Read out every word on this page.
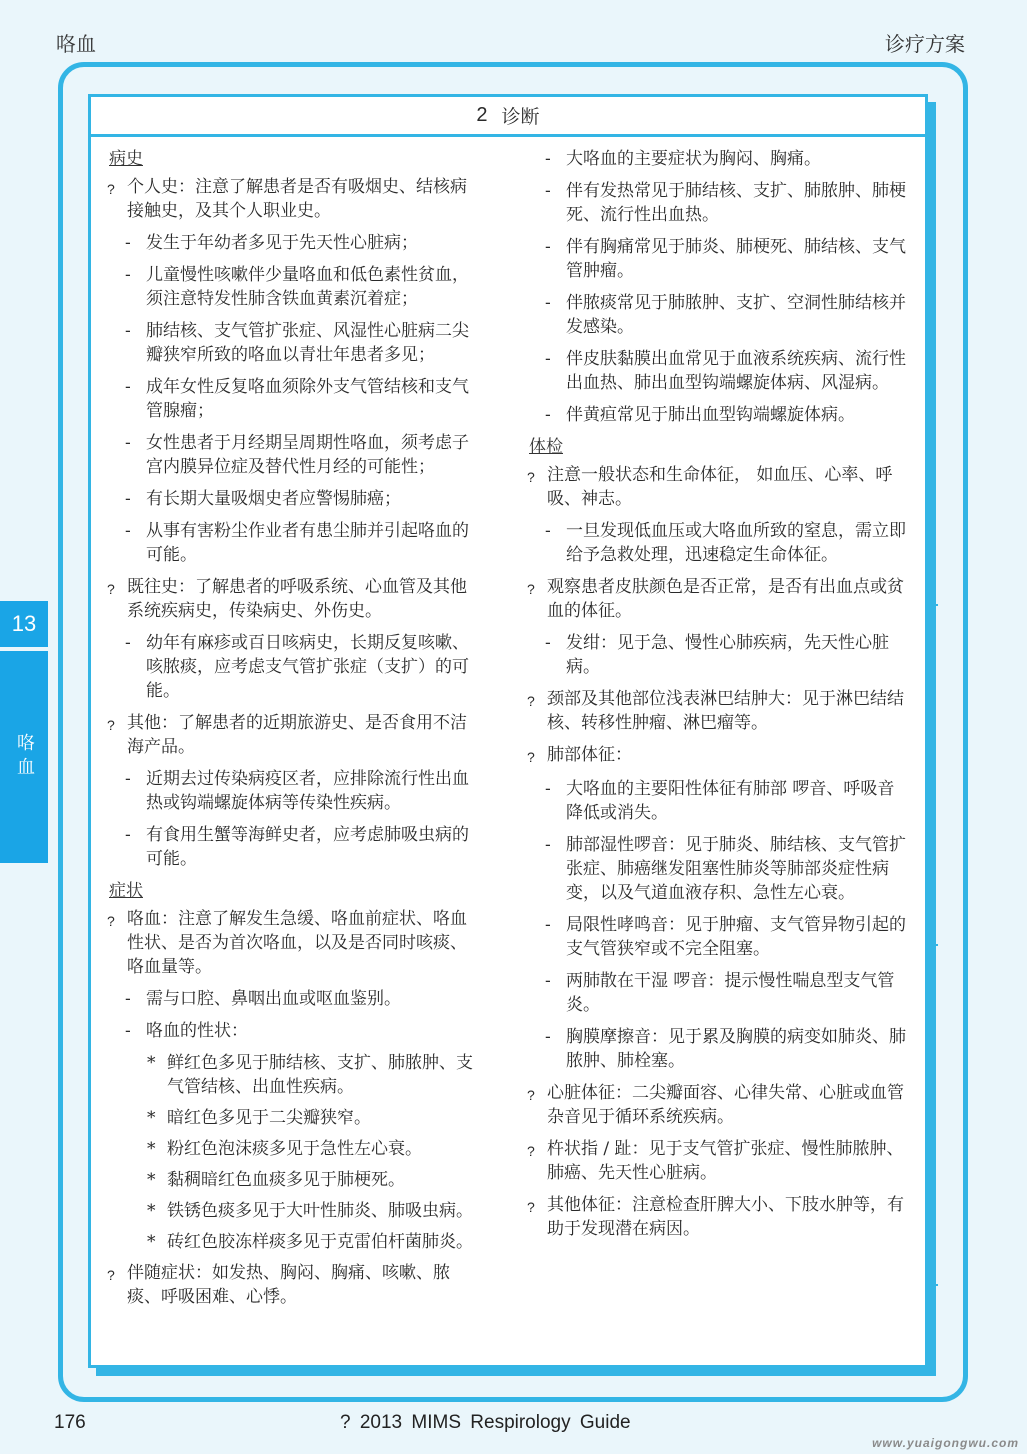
咯血	诊疗方案
2 诊断
病史
? 个人史：注意了解患者是否有吸烟史、结核病接触史，及其个人职业史。
- 发生于年幼者多见于先天性心脏病；
- 儿童慢性咳嗽伴少量咯血和低色素性贫血，须注意特发性肺含铁血黄素沉着症；
- 肺结核、支气管扩张症、风湿性心脏病二尖瓣狭窄所致的咯血以青壮年患者多见；
- 成年女性反复咯血须除外支气管结核和支气管腺瘤；
- 女性患者于月经期呈周期性咯血，须考虑子宫内膜异位症及替代性月经的可能性；
- 有长期大量吸烟史者应警惕肺癌；
- 从事有害粉尘作业者有患尘肺并引起咯血的可能。
? 既往史：了解患者的呼吸系统、心血管及其他系统疾病史，传染病史、外伤史。
- 幼年有麻疹或百日咳病史，长期反复咳嗽、咳脓痰，应考虑支气管扩张症（支扩）的可能。
? 其他：了解患者的近期旅游史、是否食用不洁海产品。
- 近期去过传染病疫区者，应排除流行性出血热或钩端螺旋体病等传染性疾病。
- 有食用生蟹等海鲜史者，应考虑肺吸虫病的可能。
症状
? 咯血：注意了解发生急缓、咯血前症状、咯血性状、是否为首次咯血，以及是否同时咳痰、咯血量等。
- 需与口腔、鼻咽出血或呕血鉴别。
- 咯血的性状：
* 鲜红色多见于肺结核、支扩、肺脓肿、支气管结核、出血性疾病。
* 暗红色多见于二尖瓣狭窄。
* 粉红色泡沫痰多见于急性左心衰。
* 黏稠暗红色血痰多见于肺梗死。
* 铁锈色痰多见于大叶性肺炎、肺吸虫病。
* 砖红色胶冻样痰多见于克雷伯杆菌肺炎。
? 伴随症状：如发热、胸闷、胸痛、咳嗽、脓痰、呼吸困难、心悸。
- 大咯血的主要症状为胸闷、胸痛。
- 伴有发热常见于肺结核、支扩、肺脓肿、肺梗死、流行性出血热。
- 伴有胸痛常见于肺炎、肺梗死、肺结核、支气管肿瘤。
- 伴脓痰常见于肺脓肿、支扩、空洞性肺结核并发感染。
- 伴皮肤黏膜出血常见于血液系统疾病、流行性出血热、肺出血型钩端螺旋体病、风湿病。
- 伴黄疸常见于肺出血型钩端螺旋体病。
体检
? 注意一般状态和生命体征， 如血压、心率、呼吸、神志。
- 一旦发现低血压或大咯血所致的窒息，需立即给予急救处理，迅速稳定生命体征。
? 观察患者皮肤颜色是否正常，是否有出血点或贫血的体征。
- 发绀：见于急、慢性心肺疾病，先天性心脏病。
? 颈部及其他部位浅表淋巴结肿大：见于淋巴结结核、转移性肿瘤、淋巴瘤等。
? 肺部体征：
- 大咯血的主要阳性体征有肺部 啰音、呼吸音降低或消失。
- 肺部湿性啰音：见于肺炎、肺结核、支气管扩张症、肺癌继发阻塞性肺炎等肺部炎症性病变，以及气道血液存积、急性左心衰。
- 局限性哮鸣音：见于肿瘤、支气管异物引起的支气管狭窄或不完全阻塞。
- 两肺散在干湿 啰音：提示慢性喘息型支气管炎。
- 胸膜摩擦音：见于累及胸膜的病变如肺炎、肺脓肿、肺栓塞。
? 心脏体征：二尖瓣面容、心律失常、心脏或血管杂音见于循环系统疾病。
? 杵状指 / 趾：见于支气管扩张症、慢性肺脓肿、肺癌、先天性心脏病。
? 其他体征：注意检查肝脾大小、下肢水肿等，有助于发现潜在病因。
13
咯血
176	? 2013 MIMS Respirology Guide
www.yuaigongwu.com
